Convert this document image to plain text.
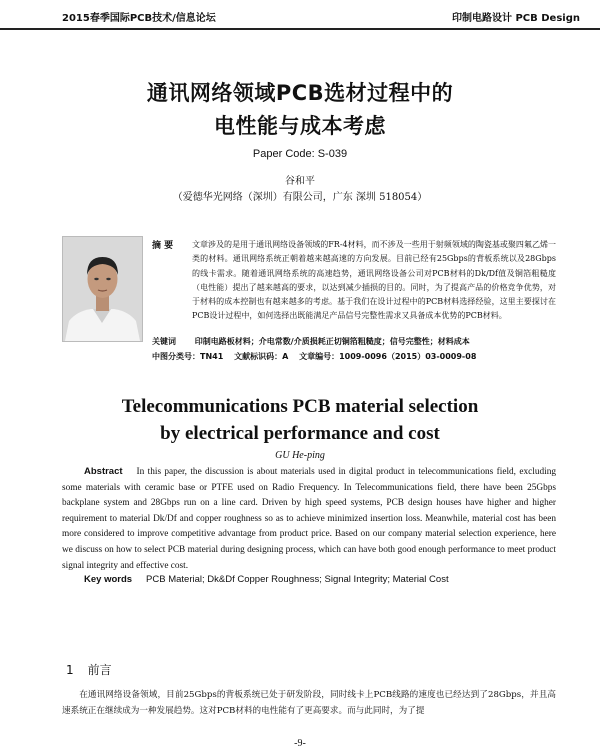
2015春季国际PCB技术/信息论坛	印制电路设计 PCB Design
通讯网络领域PCB选材过程中的
电性能与成本考虑
Paper Code: S-039
谷和平
（爱德华光网络（深圳）有限公司，广东 深圳 518054）
摘 要 文章涉及的是用于通讯网络设备领域的FR-4材料，而不涉及一些用于射频领域的陶瓷基或聚四氟乙烯一类的材料。通讯网络系统正朝着越来越高速的方向发展。目前已经有25Gbps的背板系统以及28Gbps的线卡需求。随着通讯网络系统的高速趋势，通讯网络设备公司对PCB材料的Dk/Df值及铜箔粗糙度（电性能）提出了越来越高的要求，以达到减少插损的目的。同时，为了提高产品的价格竞争优势，对于材料的成本控制也有越来越多的考虑。基于我们在设计过程中的PCB材料选择经验，这里主要探讨在PCB设计过程中，如何选择出既能满足产品信号完整性需求又具备成本优势的PCB材料。
关键词 印制电路板材料；介电常数/介质损耗正切铜箔粗糙度；信号完整性；材料成本
中图分类号：TN41 文献标识码：A 文章编号：1009-0096（2015）03-0009-08
Telecommunications PCB material selection
by electrical performance and cost
GU He-ping
Abstract In this paper, the discussion is about materials used in digital product in telecommunications field, excluding some materials with ceramic base or PTFE used on Radio Frequency. In Telecommunications field, there have been 25Gbps backplane system and 28Gbps run on a line card. Driven by high speed systems, PCB design houses have higher and higher requirement to material Dk/Df and copper roughness so as to achieve minimized insertion loss. Meanwhile, material cost has been more considered to improve competitive advantage from product price. Based on our company material selection experience, here we discuss on how to select PCB material during designing process, which can have both good enough performance to meet product signal integrity and effective cost.
Key words PCB Material; Dk&Df Copper Roughness; Signal Integrity; Material Cost
1 前言
在通讯网络设备领域，目前25Gbps的背板系统已处于研发阶段，同时线卡上PCB线路的速度也已经达到了28Gbps，并且高速系统正在继续成为一种发展趋势。这对PCB材料的电性能有了更高要求。而与此同时，为了提
-9-
